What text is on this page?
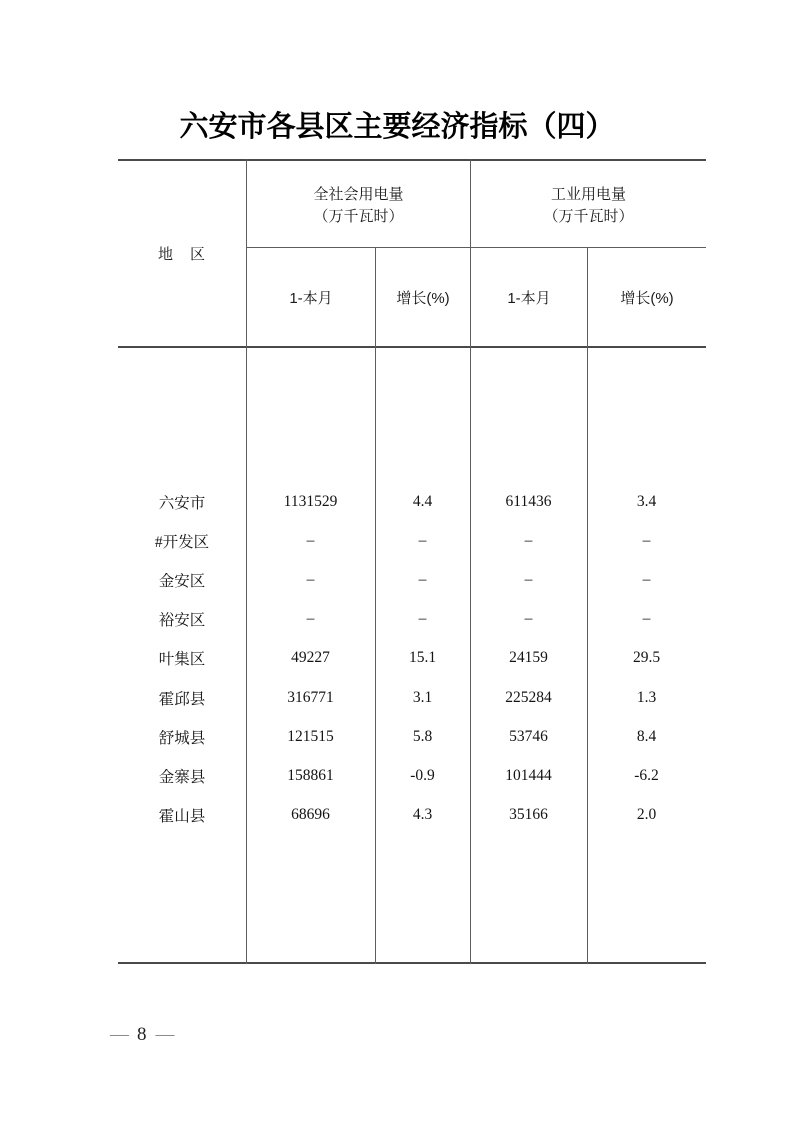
六安市各县区主要经济指标（四）
地　区
全社会用电量
（万千瓦时）
工业用电量
（万千瓦时）
1-本月	增长(%)	1-本月	增长(%)
六安市	1131529	4.4	611436	3.4
#开发区	–	–	–	–
金安区	–	–	–	–
裕安区	–	–	–	–
叶集区	49227	15.1	24159	29.5
霍邱县	316771	3.1	225284	1.3
舒城县	121515	5.8	53746	8.4
金寨县	158861	-0.9	101444	-6.2
霍山县	68696	4.3	35166	2.0
— 8 —
